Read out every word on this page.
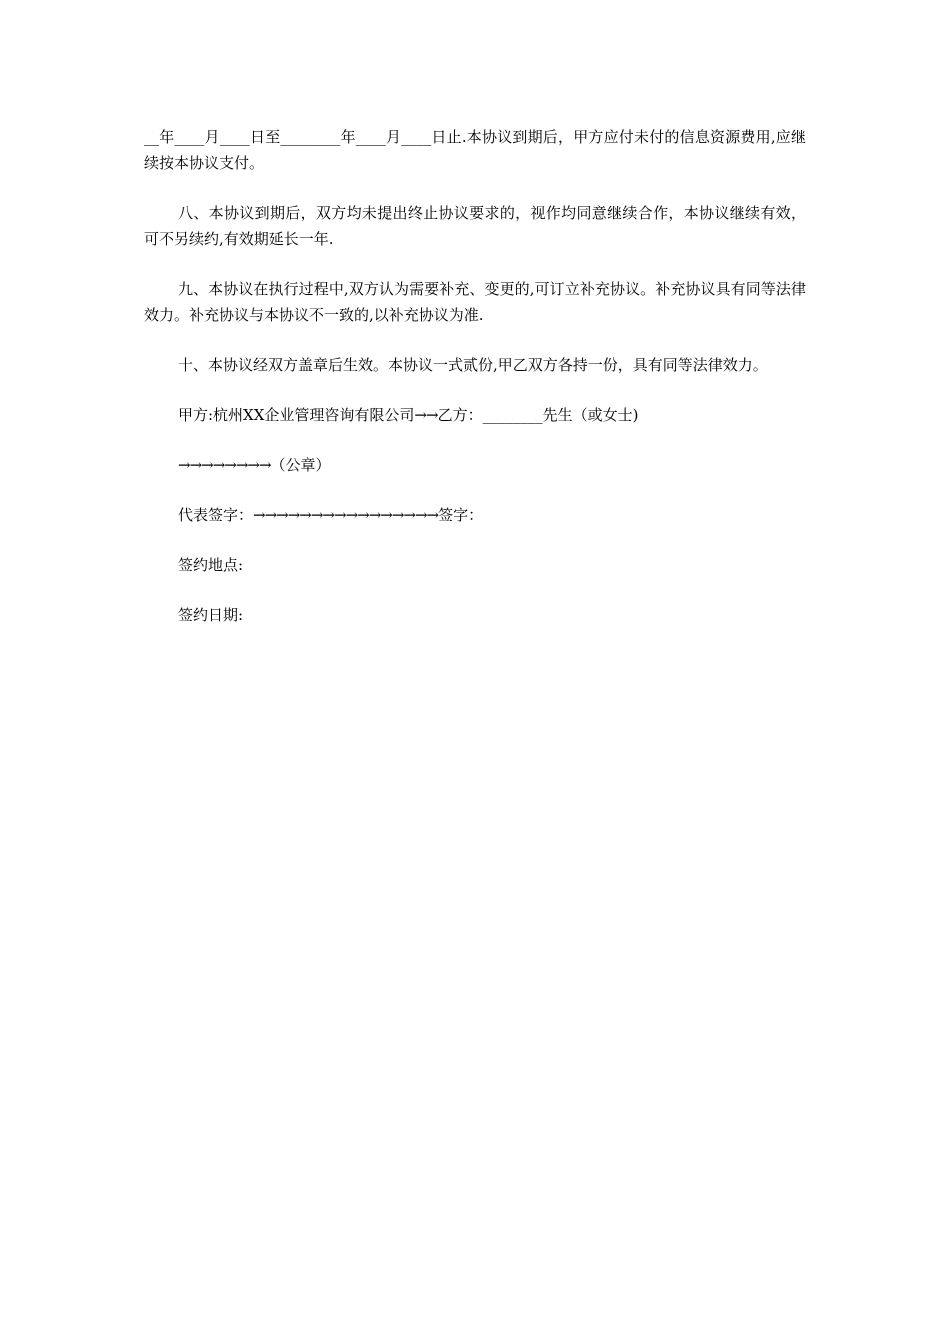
__年____月____日至________年____月____日止.本协议到期后，甲方应付未付的信息资源费用,应继续按本协议支付。

八、本协议到期后，双方均未提出终止协议要求的，视作均同意继续合作，本协议继续有效，可不另续约,有效期延长一年.

九、本协议在执行过程中,双方认为需要补充、变更的,可订立补充协议。补充协议具有同等法律效力。补充协议与本协议不一致的,以补充协议为准.

十、本协议经双方盖章后生效。本协议一式贰份,甲乙双方各持一份，具有同等法律效力。

甲方:杭州XX企业管理咨询有限公司→→乙方：________先生（或女士)
→→→→→→→→（公章）
代表签字：→→→→→→→→→→→→→→→→签字：
签约地点:
签约日期:
